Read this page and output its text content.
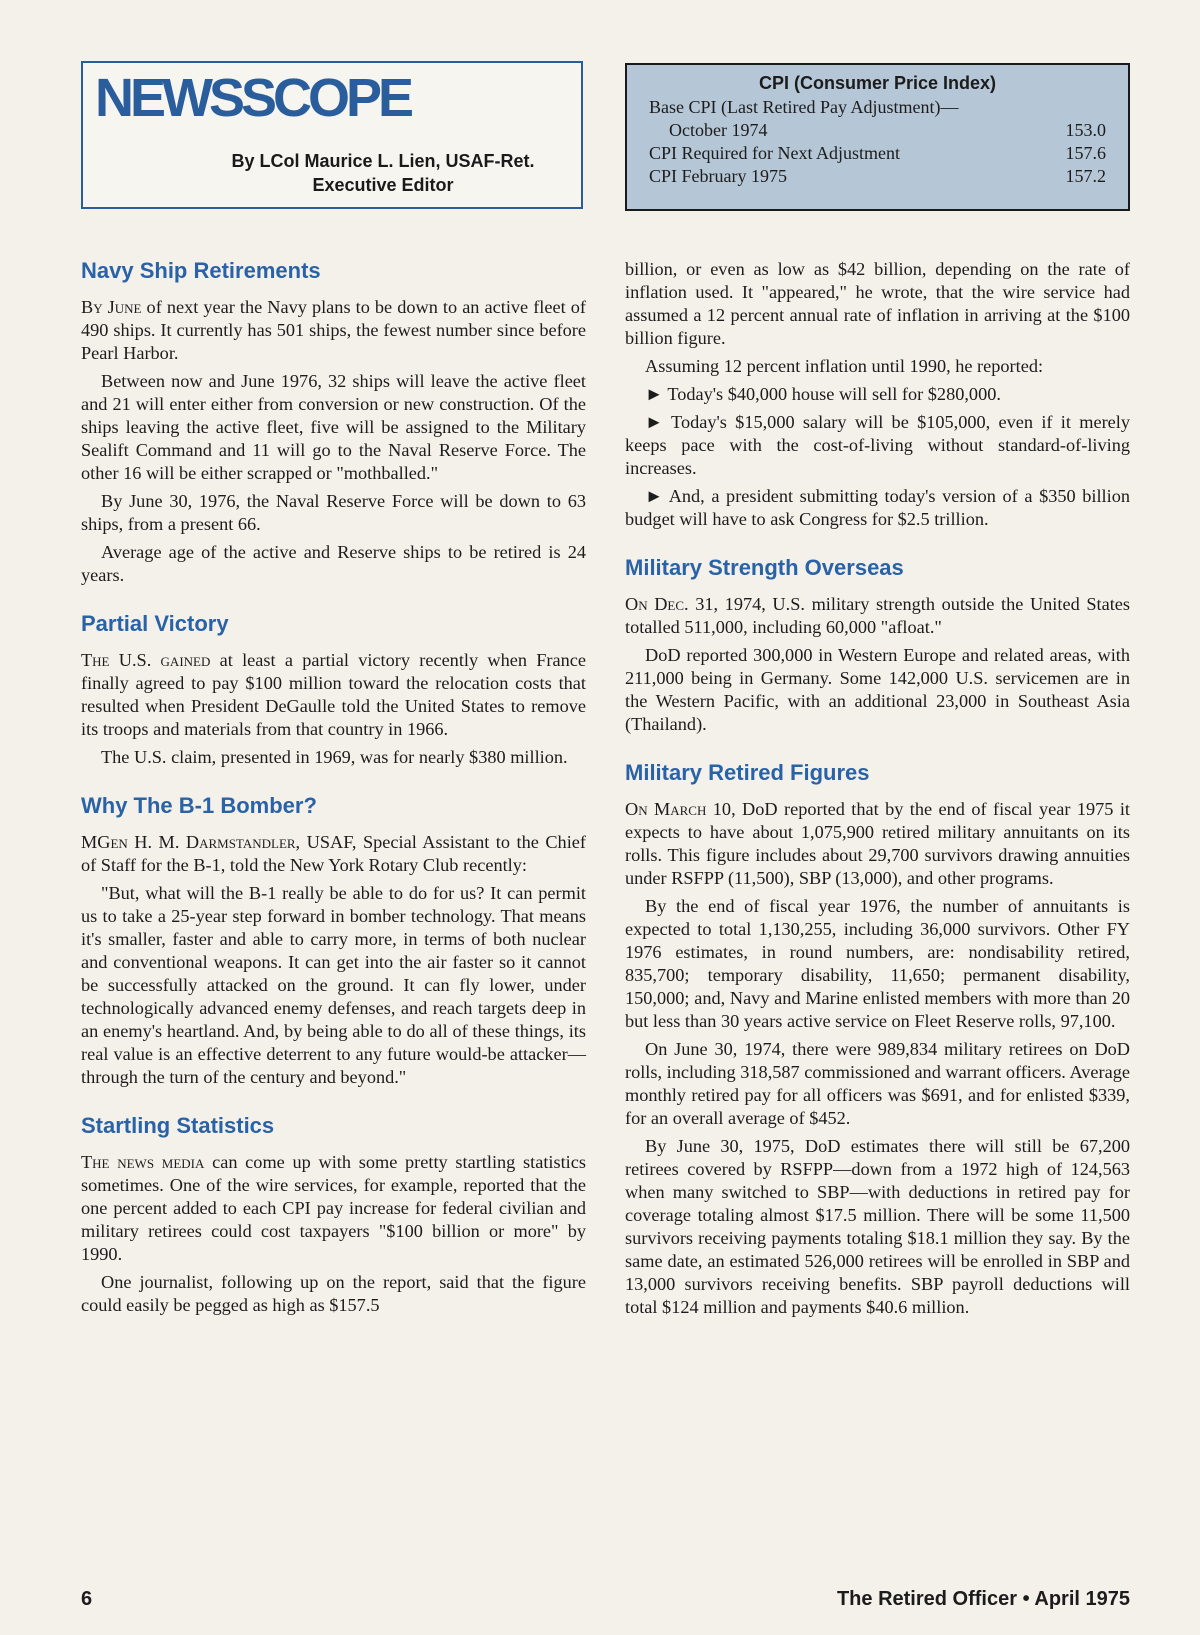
NEWSSCOPE
By LCol Maurice L. Lien, USAF-Ret.
Executive Editor
CPI (Consumer Price Index)
Base CPI (Last Retired Pay Adjustment)—
October 1974	153.0
CPI Required for Next Adjustment	157.6
CPI February 1975	157.2
Navy Ship Retirements

By June of next year the Navy plans to be down to an active fleet of 490 ships. It currently has 501 ships, the fewest number since before Pearl Harbor.

Between now and June 1976, 32 ships will leave the active fleet and 21 will enter either from conversion or new construction. Of the ships leaving the active fleet, five will be assigned to the Military Sealift Command and 11 will go to the Naval Reserve Force. The other 16 will be either scrapped or "mothballed."

By June 30, 1976, the Naval Reserve Force will be down to 63 ships, from a present 66.

Average age of the active and Reserve ships to be retired is 24 years.

Partial Victory

The U.S. gained at least a partial victory recently when France finally agreed to pay $100 million toward the relocation costs that resulted when President DeGaulle told the United States to remove its troops and materials from that country in 1966.

The U.S. claim, presented in 1969, was for nearly $380 million.

Why The B-1 Bomber?

MGen H. M. Darmstandler, USAF, Special Assistant to the Chief of Staff for the B-1, told the New York Rotary Club recently:

"But, what will the B-1 really be able to do for us? It can permit us to take a 25-year step forward in bomber technology. That means it's smaller, faster and able to carry more, in terms of both nuclear and conventional weapons. It can get into the air faster so it cannot be successfully attacked on the ground. It can fly lower, under technologically advanced enemy defenses, and reach targets deep in an enemy's heartland. And, by being able to do all of these things, its real value is an effective deterrent to any future would-be attacker—through the turn of the century and beyond."

Startling Statistics

The news media can come up with some pretty startling statistics sometimes. One of the wire services, for example, reported that the one percent added to each CPI pay increase for federal civilian and military retirees could cost taxpayers "$100 billion or more" by 1990.

One journalist, following up on the report, said that the figure could easily be pegged as high as $157.5

billion, or even as low as $42 billion, depending on the rate of inflation used. It "appeared," he wrote, that the wire service had assumed a 12 percent annual rate of inflation in arriving at the $100 billion figure.

Assuming 12 percent inflation until 1990, he reported:

► Today's $40,000 house will sell for $280,000.

► Today's $15,000 salary will be $105,000, even if it merely keeps pace with the cost-of-living without standard-of-living increases.

► And, a president submitting today's version of a $350 billion budget will have to ask Congress for $2.5 trillion.

Military Strength Overseas

On Dec. 31, 1974, U.S. military strength outside the United States totalled 511,000, including 60,000 "afloat."

DoD reported 300,000 in Western Europe and related areas, with 211,000 being in Germany. Some 142,000 U.S. servicemen are in the Western Pacific, with an additional 23,000 in Southeast Asia (Thailand).

Military Retired Figures

On March 10, DoD reported that by the end of fiscal year 1975 it expects to have about 1,075,900 retired military annuitants on its rolls. This figure includes about 29,700 survivors drawing annuities under RSFPP (11,500), SBP (13,000), and other programs.

By the end of fiscal year 1976, the number of annuitants is expected to total 1,130,255, including 36,000 survivors. Other FY 1976 estimates, in round numbers, are: nondisability retired, 835,700; temporary disability, 11,650; permanent disability, 150,000; and, Navy and Marine enlisted members with more than 20 but less than 30 years active service on Fleet Reserve rolls, 97,100.

On June 30, 1974, there were 989,834 military retirees on DoD rolls, including 318,587 commissioned and warrant officers. Average monthly retired pay for all officers was $691, and for enlisted $339, for an overall average of $452.

By June 30, 1975, DoD estimates there will still be 67,200 retirees covered by RSFPP—down from a 1972 high of 124,563 when many switched to SBP—with deductions in retired pay for coverage totaling almost $17.5 million. There will be some 11,500 survivors receiving payments totaling $18.1 million they say. By the same date, an estimated 526,000 retirees will be enrolled in SBP and 13,000 survivors receiving benefits. SBP payroll deductions will total $124 million and payments $40.6 million.

6	The Retired Officer • April 1975
